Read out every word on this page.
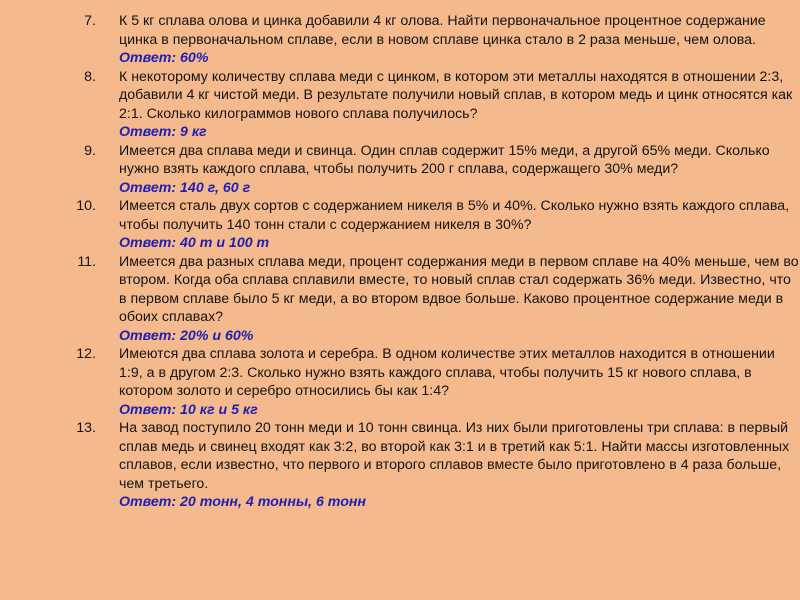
7. К 5 кг сплава олова и цинка добавили 4 кг олова. Найти первоначальное процентное содержание цинка в первоначальном сплаве, если в новом сплаве цинка стало в 2 раза меньше, чем олова.
Ответ: 60%
8. К некоторому количеству сплава меди с цинком, в котором эти металлы находятся в отношении 2:3, добавили 4 кг чистой меди. В результате получили новый сплав, в котором медь и цинк относятся как 2:1. Сколько килограммов нового сплава получилось?
Ответ: 9 кг
9. Имеется два сплава меди и свинца. Один сплав содержит 15% меди, а другой 65% меди. Сколько нужно взять каждого сплава, чтобы получить 200 г сплава, содержащего 30% меди?
Ответ: 140 г, 60 г
10. Имеется сталь двух сортов с содержанием никеля в 5% и 40%. Сколько нужно взять каждого сплава, чтобы получить 140 тонн стали с содержанием никеля в 30%?
Ответ: 40 т и 100 т
11. Имеется два разных сплава меди, процент содержания меди в первом сплаве на 40% меньше, чем во втором. Когда оба сплава сплавили вместе, то новый сплав стал содержать 36% меди. Известно, что в первом сплаве было 5 кг меди, а во втором вдвое больше. Каково процентное содержание меди в обоих сплавах?
Ответ: 20% и 60%
12. Имеются два сплава золота и серебра. В одном количестве этих металлов находится в отношении 1:9, а в другом 2:3. Сколько нужно взять каждого сплава, чтобы получить 15 кг нового сплава, в котором золото и серебро относились бы как 1:4?
Ответ: 10 кг и 5 кг
13. На завод поступило 20 тонн меди и 10 тонн свинца. Из них были приготовлены три сплава: в первый сплав медь и свинец входят как 3:2, во второй как 3:1 и в третий как 5:1. Найти массы изготовленных сплавов, если известно, что первого и второго сплавов вместе было приготовлено в 4 раза больше, чем третьего.
Ответ: 20 тонн, 4 тонны, 6 тонн
